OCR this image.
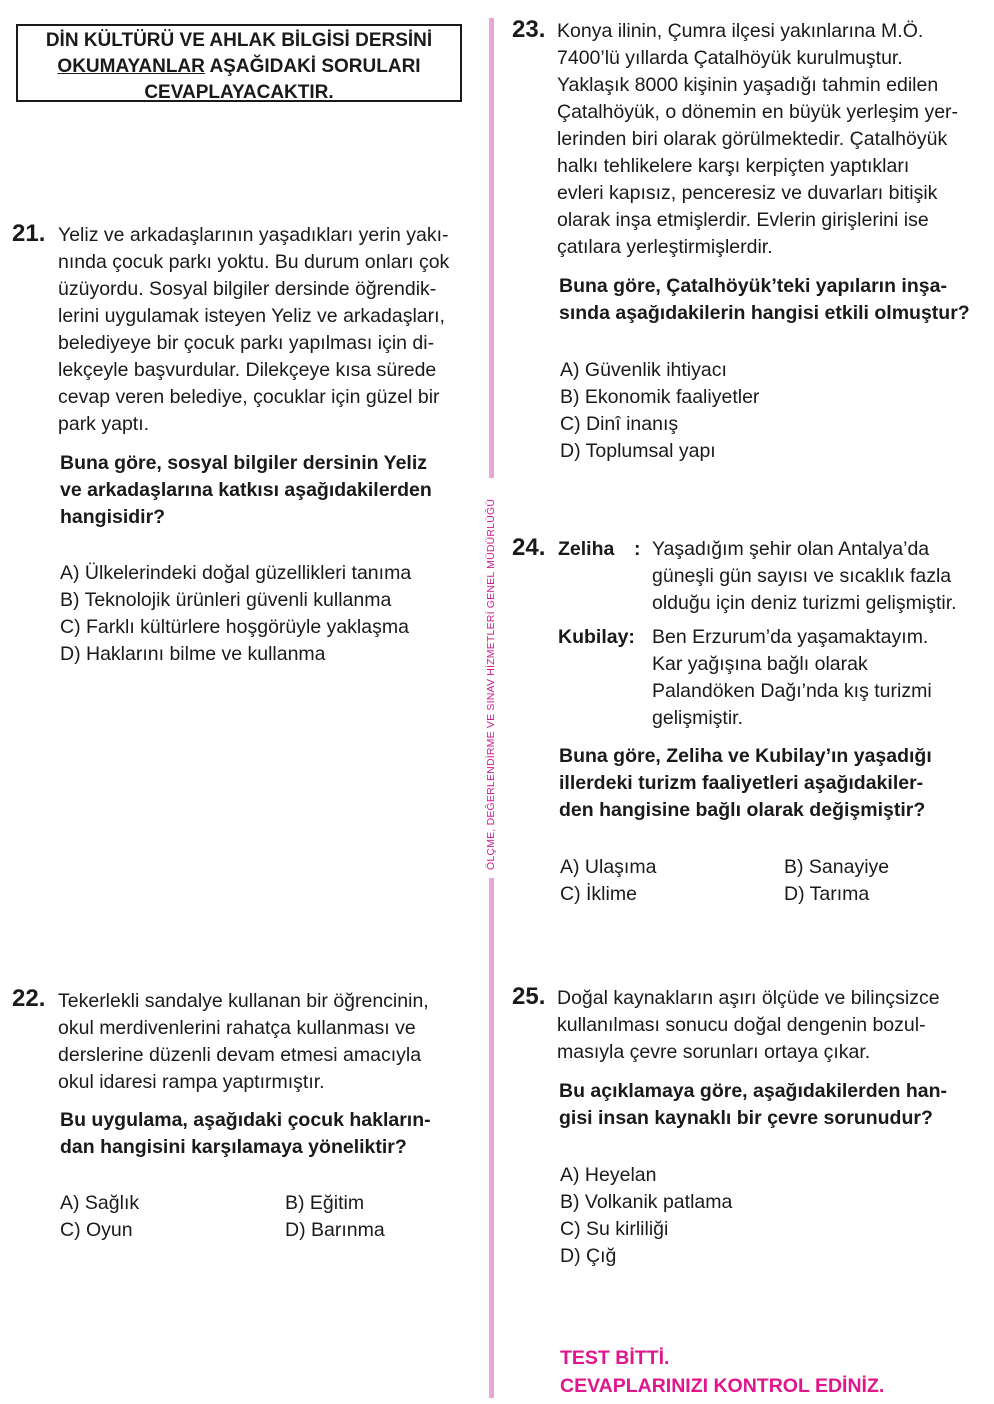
DİN KÜLTÜRÜ VE AHLAK BİLGİSİ DERSİNİ
OKUMAYANLAR AŞAĞIDAKİ SORULARI
CEVAPLAYACAKTIR.
ÖLÇME, DEĞERLENDİRME VE SINAV HİZMETLERİ GENEL MÜDÜRLÜĞÜ
21. Yeliz ve arkadaşlarının yaşadıkları yerin yakı-
nında çocuk parkı yoktu. Bu durum onları çok
üzüyordu. Sosyal bilgiler dersinde öğrendik-
lerini uygulamak isteyen Yeliz ve arkadaşları,
belediyeye bir çocuk parkı yapılması için di-
lekçeyle başvurdular. Dilekçeye kısa sürede
cevap veren belediye, çocuklar için güzel bir
park yaptı.
Buna göre, sosyal bilgiler dersinin Yeliz
ve arkadaşlarına katkısı aşağıdakilerden
hangisidir?
A) Ülkelerindeki doğal güzellikleri tanıma
B) Teknolojik ürünleri güvenli kullanma
C) Farklı kültürlere hoşgörüyle yaklaşma
D) Haklarını bilme ve kullanma
22. Tekerlekli sandalye kullanan bir öğrencinin,
okul merdivenlerini rahatça kullanması ve
derslerine düzenli devam etmesi amacıyla
okul idaresi rampa yaptırmıştır.
Bu uygulama, aşağıdaki çocuk hakların-
dan hangisini karşılamaya yöneliktir?
A) Sağlık	B) Eğitim
C) Oyun	D) Barınma
23. Konya ilinin, Çumra ilçesi yakınlarına M.Ö.
7400’lü yıllarda Çatalhöyük kurulmuştur.
Yaklaşık 8000 kişinin yaşadığı tahmin edilen
Çatalhöyük, o dönemin en büyük yerleşim yer-
lerinden biri olarak görülmektedir. Çatalhöyük
halkı tehlikelere karşı kerpiçten yaptıkları
evleri kapısız, penceresiz ve duvarları bitişik
olarak inşa etmişlerdir. Evlerin girişlerini ise
çatılara yerleştirmişlerdir.
Buna göre, Çatalhöyük’teki yapıların inşa-
sında aşağıdakilerin hangisi etkili olmuştur?
A) Güvenlik ihtiyacı
B) Ekonomik faaliyetler
C) Dinî inanış
D) Toplumsal yapı
24. Zeliha : Yaşadığım şehir olan Antalya’da
güneşli gün sayısı ve sıcaklık fazla
olduğu için deniz turizmi gelişmiştir.
Kubilay: Ben Erzurum’da yaşamaktayım.
Kar yağışına bağlı olarak
Palandöken Dağı’nda kış turizmi
gelişmiştir.
Buna göre, Zeliha ve Kubilay’ın yaşadığı
illerdeki turizm faaliyetleri aşağıdakiler-
den hangisine bağlı olarak değişmiştir?
A) Ulaşıma	B) Sanayiye
C) İklime	D) Tarıma
25. Doğal kaynakların aşırı ölçüde ve bilinçsizce
kullanılması sonucu doğal dengenin bozul-
masıyla çevre sorunları ortaya çıkar.
Bu açıklamaya göre, aşağıdakilerden han-
gisi insan kaynaklı bir çevre sorunudur?
A) Heyelan
B) Volkanik patlama
C) Su kirliliği
D) Çığ
TEST BİTTİ.
CEVAPLARINIZI KONTROL EDİNİZ.
